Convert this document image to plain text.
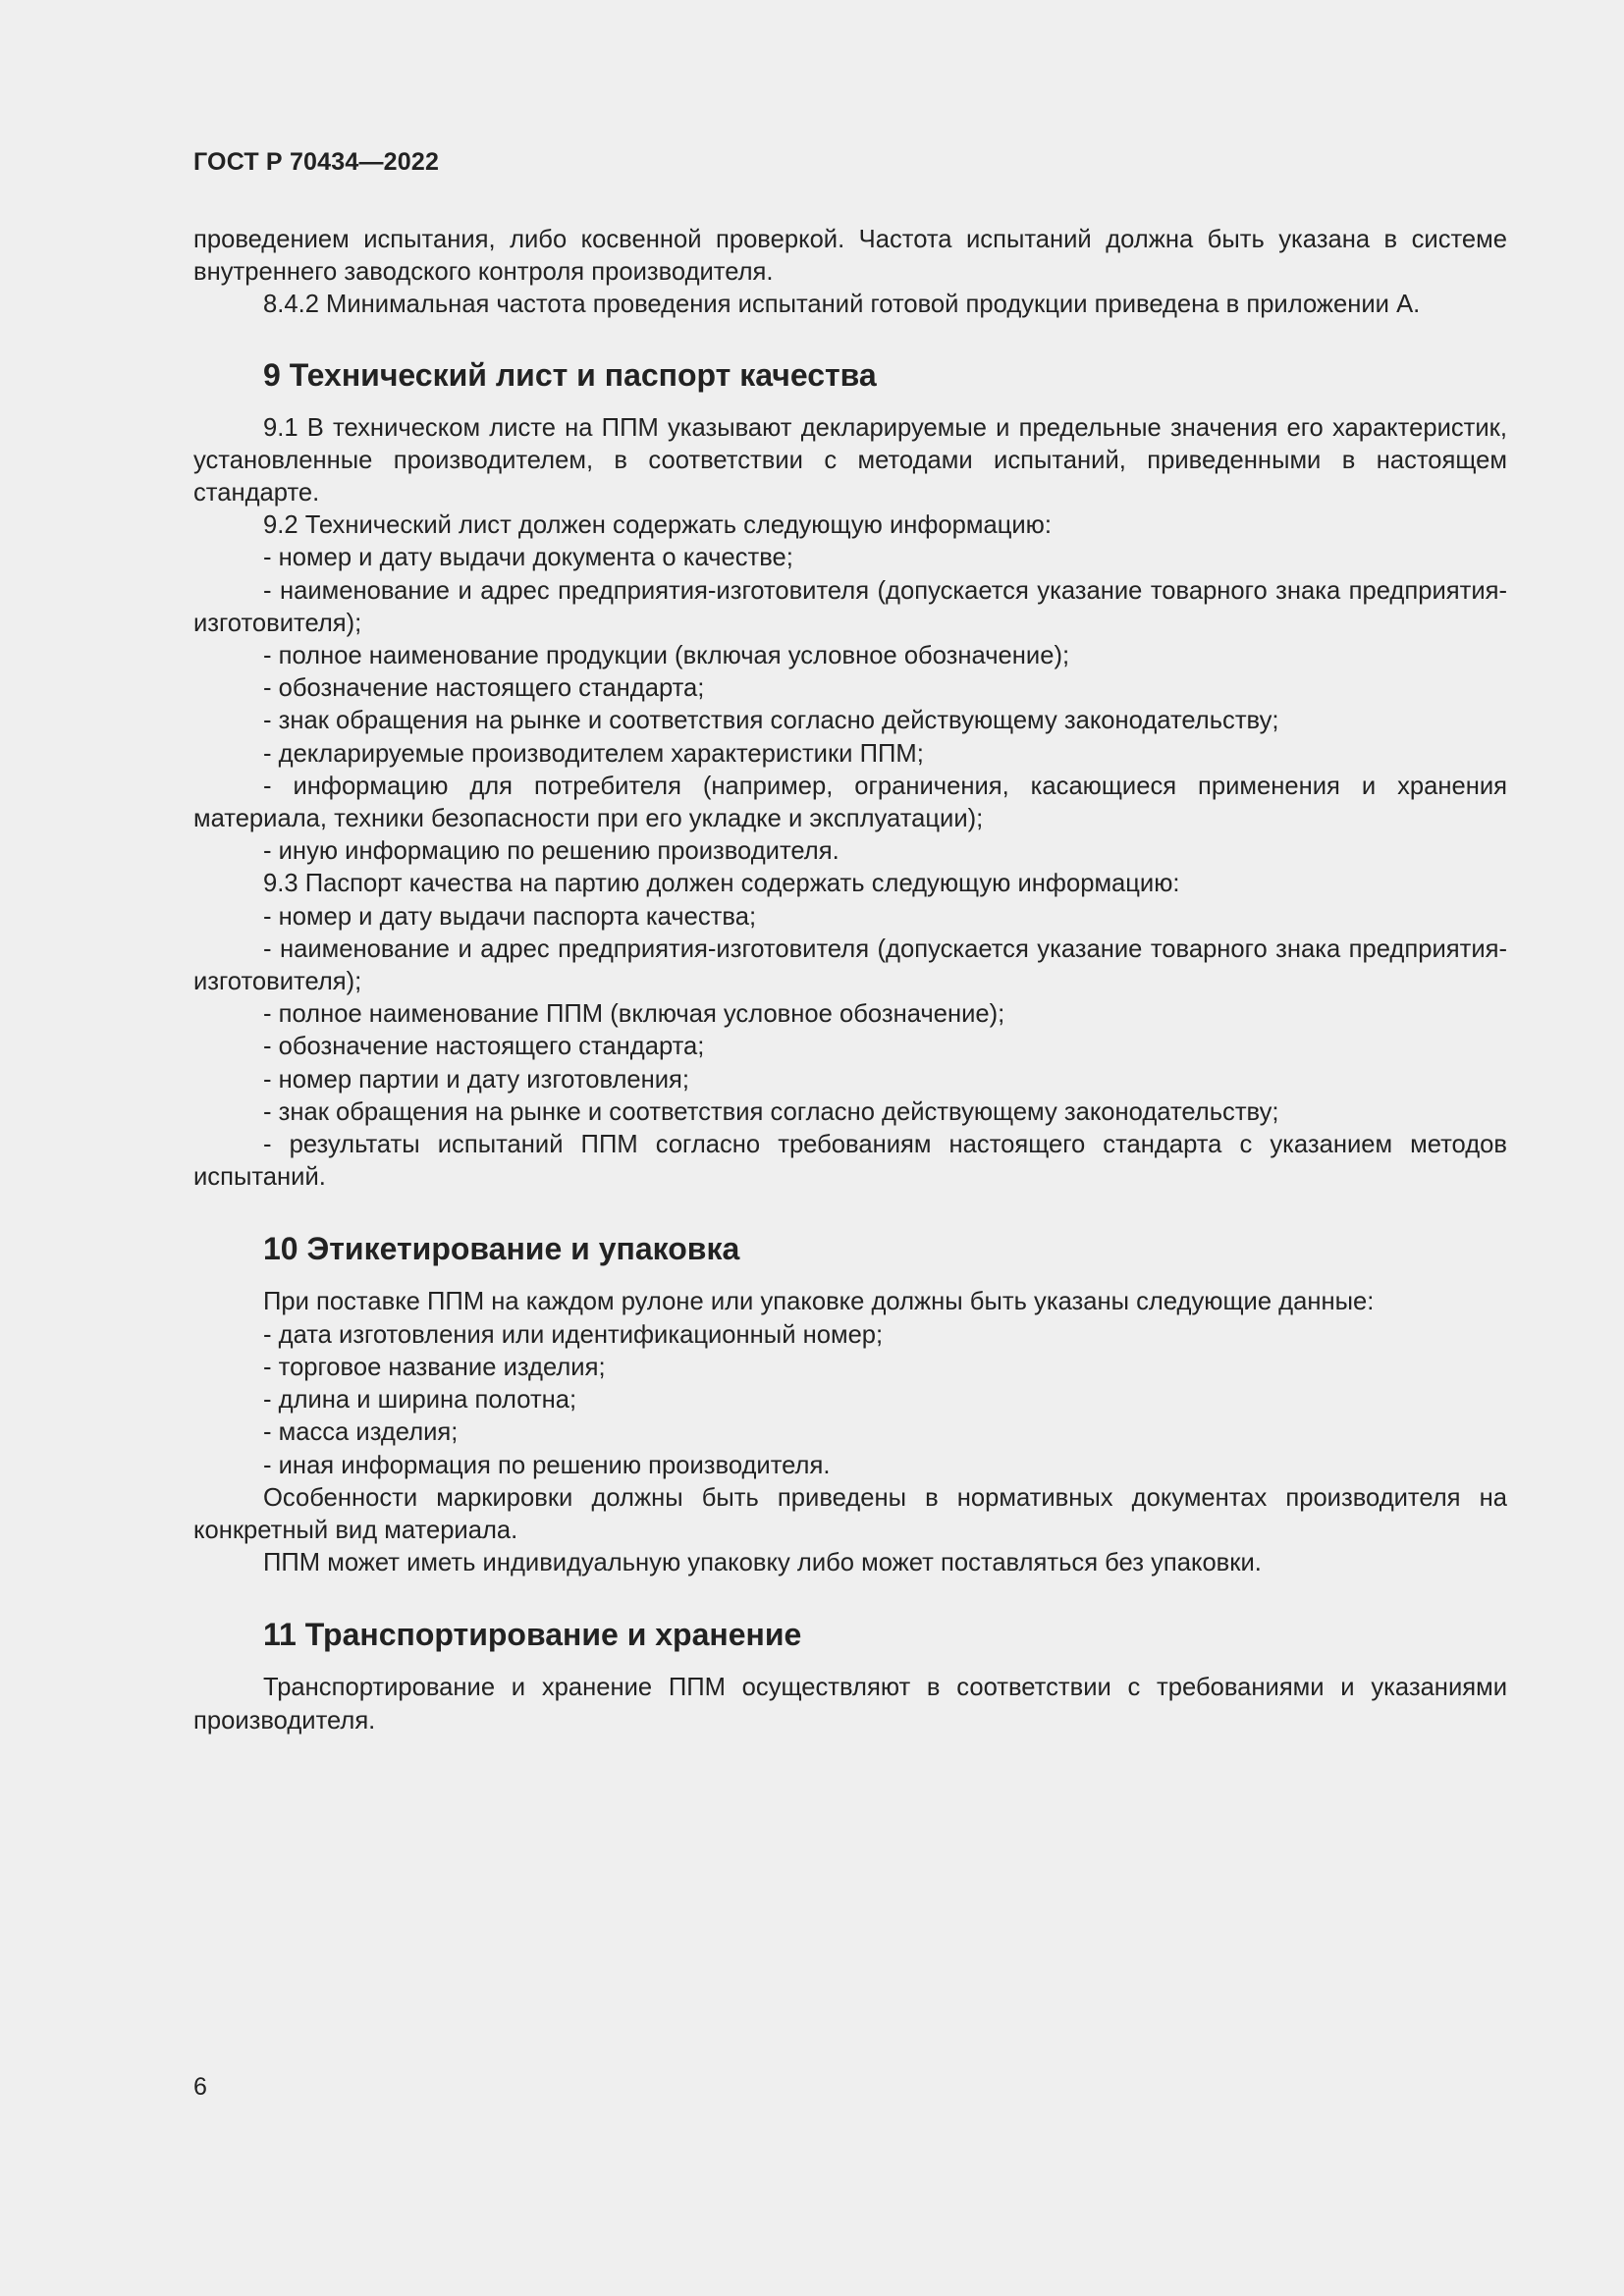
ГОСТ Р 70434—2022

проведением испытания, либо косвенной проверкой. Частота испытаний должна быть указана в системе внутреннего заводского контроля производителя.

8.4.2 Минимальная частота проведения испытаний готовой продукции приведена в приложении А.

9 Технический лист и паспорт качества

9.1 В техническом листе на ППМ указывают декларируемые и предельные значения его характеристик, установленные производителем, в соответствии с методами испытаний, приведенными в настоящем стандарте.

9.2 Технический лист должен содержать следующую информацию:

- номер и дату выдачи документа о качестве;

- наименование и адрес предприятия-изготовителя (допускается указание товарного знака предприятия-изготовителя);

- полное наименование продукции (включая условное обозначение);

- обозначение настоящего стандарта;

- знак обращения на рынке и соответствия согласно действующему законодательству;

- декларируемые производителем характеристики ППМ;

- информацию для потребителя (например, ограничения, касающиеся применения и хранения материала, техники безопасности при его укладке и эксплуатации);

- иную информацию по решению производителя.

9.3 Паспорт качества на партию должен содержать следующую информацию:

- номер и дату выдачи паспорта качества;

- наименование и адрес предприятия-изготовителя (допускается указание товарного знака предприятия-изготовителя);

- полное наименование ППМ (включая условное обозначение);

- обозначение настоящего стандарта;

- номер партии и дату изготовления;

- знак обращения на рынке и соответствия согласно действующему законодательству;

- результаты испытаний ППМ согласно требованиям настоящего стандарта с указанием методов испытаний.

10 Этикетирование и упаковка

При поставке ППМ на каждом рулоне или упаковке должны быть указаны следующие данные:

- дата изготовления или идентификационный номер;

- торговое название изделия;

- длина и ширина полотна;

- масса изделия;

- иная информация по решению производителя.

Особенности маркировки должны быть приведены в нормативных документах производителя на конкретный вид материала.

ППМ может иметь индивидуальную упаковку либо может поставляться без упаковки.

11 Транспортирование и хранение

Транспортирование и хранение ППМ осуществляют в соответствии с требованиями и указаниями производителя.

6
